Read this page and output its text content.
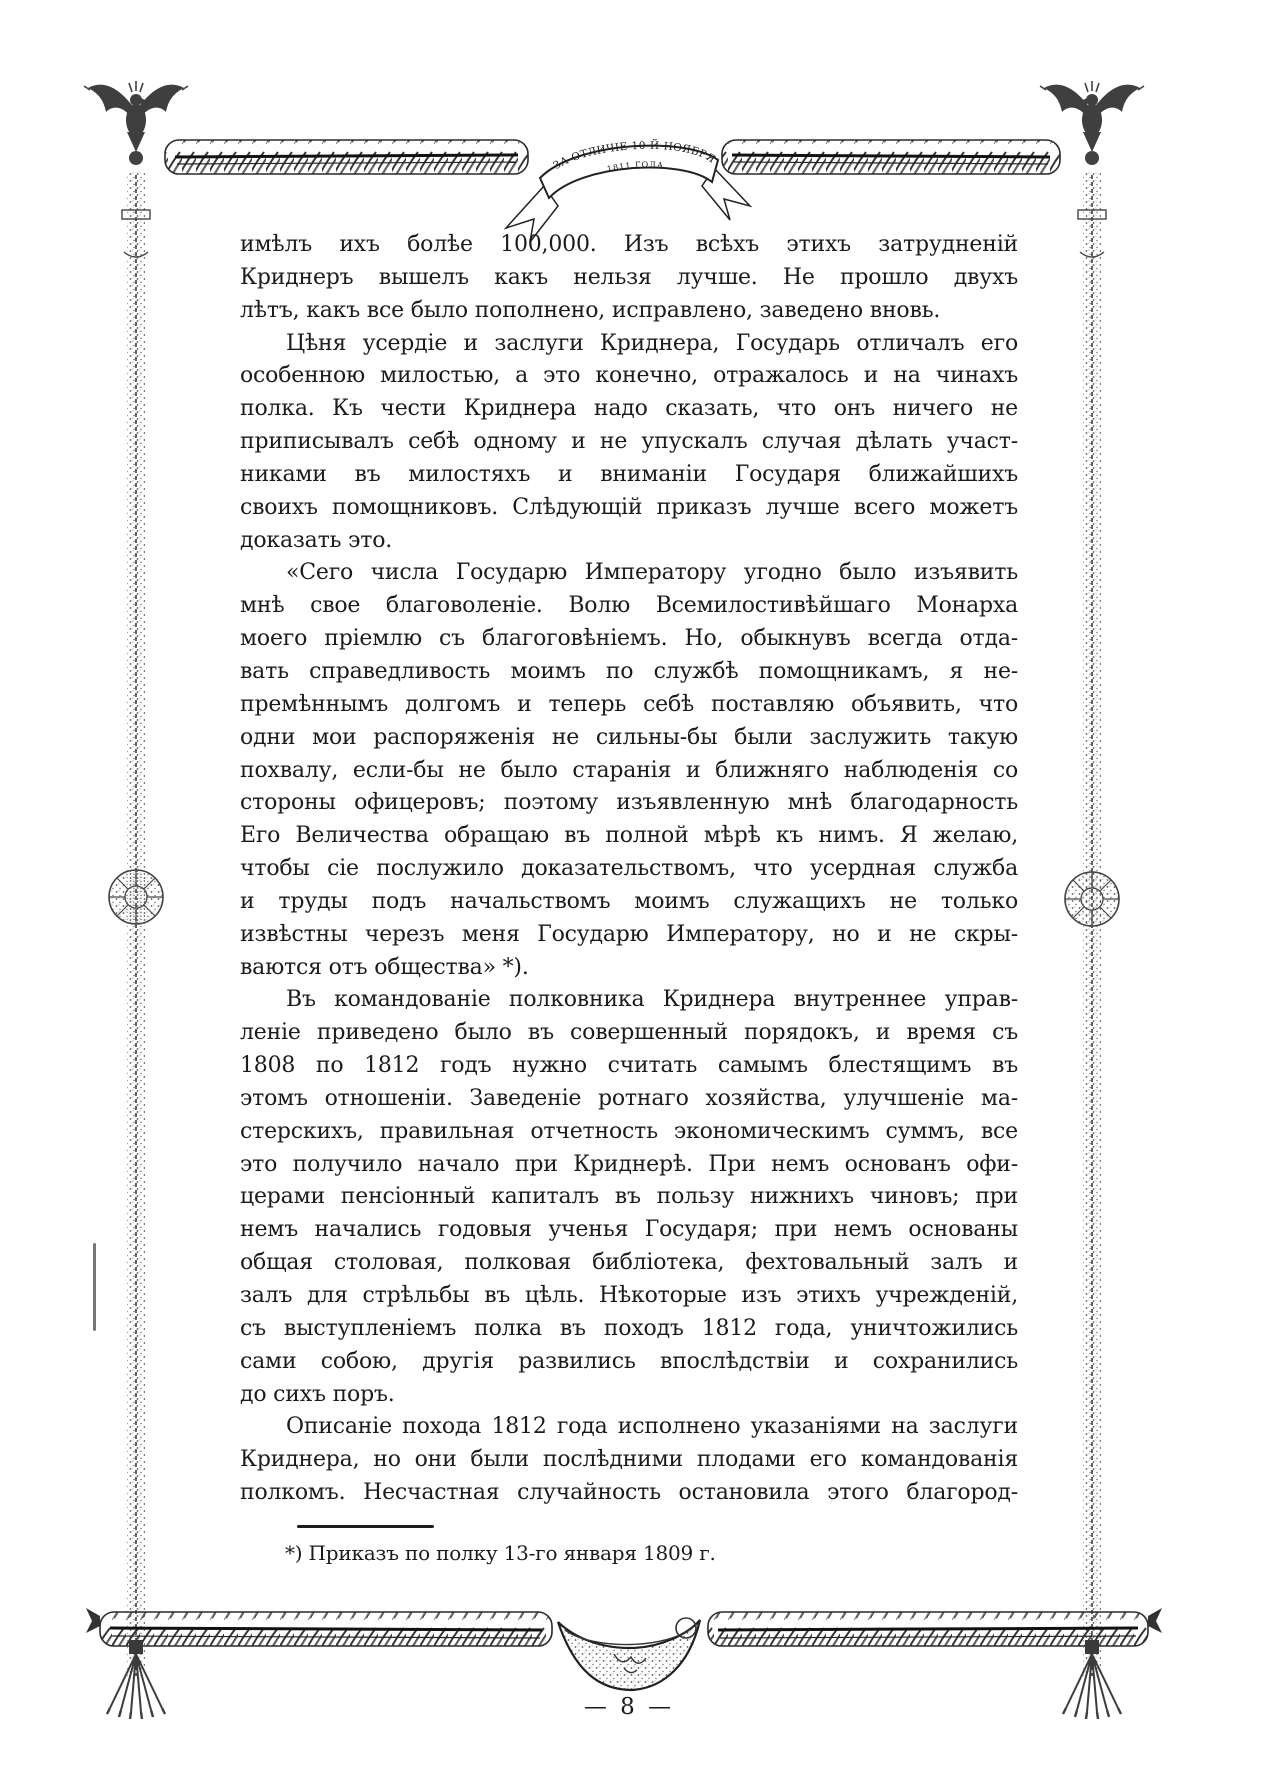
ЗА ОТЛИЧІЕ 10-Й НОЯБРЯ
1811 ГОДА
имѣлъ ихъ болѣе 100,000. Изъ всѣхъ этихъ затрудненій
Криднеръ вышелъ какъ нельзя лучше. Не прошло двухъ
лѣтъ, какъ все было пополнено, исправлено, заведено вновь.
Цѣня усердіе и заслуги Криднера, Государь отличалъ его
особенною милостью, а это конечно, отражалось и на чинахъ
полка. Къ чести Криднера надо сказать, что онъ ничего не
приписывалъ себѣ одному и не упускалъ случая дѣлать участ-
никами въ милостяхъ и вниманіи Государя ближайшихъ
своихъ помощниковъ. Слѣдующій приказъ лучше всего можетъ
доказать это.
«Сего числа Государю Императору угодно было изъявить
мнѣ свое благоволеніе. Волю Всемилостивѣйшаго Монарха
моего пріемлю съ благоговѣніемъ. Но, обыкнувъ всегда отда-
вать справедливость моимъ по службѣ помощникамъ, я не-
премѣннымъ долгомъ и теперь себѣ поставляю объявить, что
одни мои распоряженія не сильны-бы были заслужить такую
похвалу, если-бы не было старанія и ближняго наблюденія со
стороны офицеровъ; поэтому изъявленную мнѣ благодарность
Его Величества обращаю въ полной мѣрѣ къ нимъ. Я желаю,
чтобы сіе послужило доказательствомъ, что усердная служба
и труды подъ начальствомъ моимъ служащихъ не только
извѣстны черезъ меня Государю Императору, но и не скры-
ваются отъ общества» *).
Въ командованіе полковника Криднера внутреннее управ-
леніе приведено было въ совершенный порядокъ, и время съ
1808 по 1812 годъ нужно считать самымъ блестящимъ въ
этомъ отношеніи. Заведеніе ротнаго хозяйства, улучшеніе ма-
стерскихъ, правильная отчетность экономическимъ суммъ, все
это получило начало при Криднерѣ. При немъ основанъ офи-
церами пенсіонный капиталъ въ пользу нижнихъ чиновъ; при
немъ начались годовыя ученья Государя; при немъ основаны
общая столовая, полковая библіотека, фехтовальный залъ и
залъ для стрѣльбы въ цѣль. Нѣкоторые изъ этихъ учрежденій,
съ выступленіемъ полка въ походъ 1812 года, уничтожились
сами собою, другія развились впослѣдствіи и сохранились
до сихъ поръ.
Описаніе похода 1812 года исполнено указаніями на заслуги
Криднера, но они были послѣдними плодами его командованія
полкомъ. Несчастная случайность остановила этого благород-
*) Приказъ по полку 13-го января 1809 г.
— 8 —
